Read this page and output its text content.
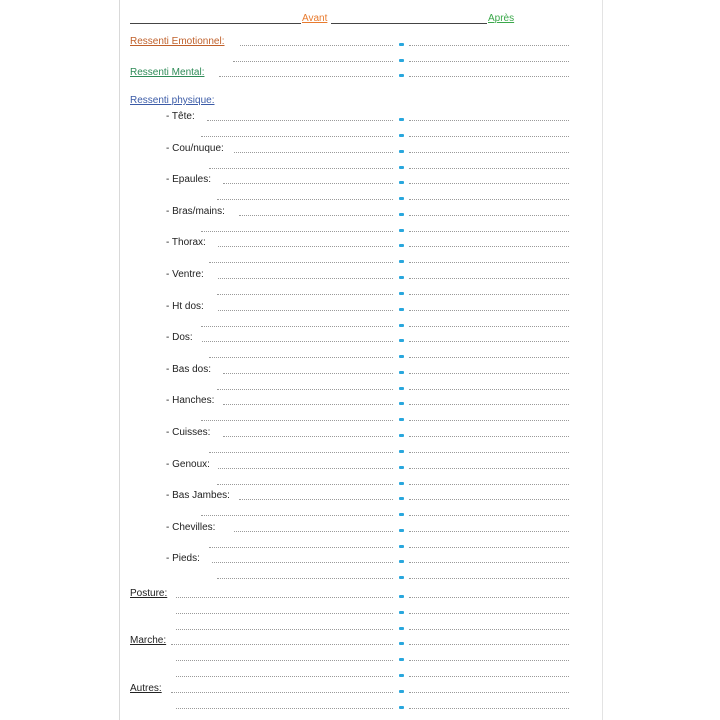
Avant	Après
Ressenti Emotionnel:
Ressenti Mental:
Ressenti physique:
- Tête:
- Cou/nuque:
- Epaules:
- Bras/mains:
- Thorax:
- Ventre:
- Ht dos:
- Dos:
- Bas dos:
- Hanches:
- Cuisses:
- Genoux:
- Bas Jambes:
- Chevilles:
- Pieds:
Posture:
Marche:
Autres:
